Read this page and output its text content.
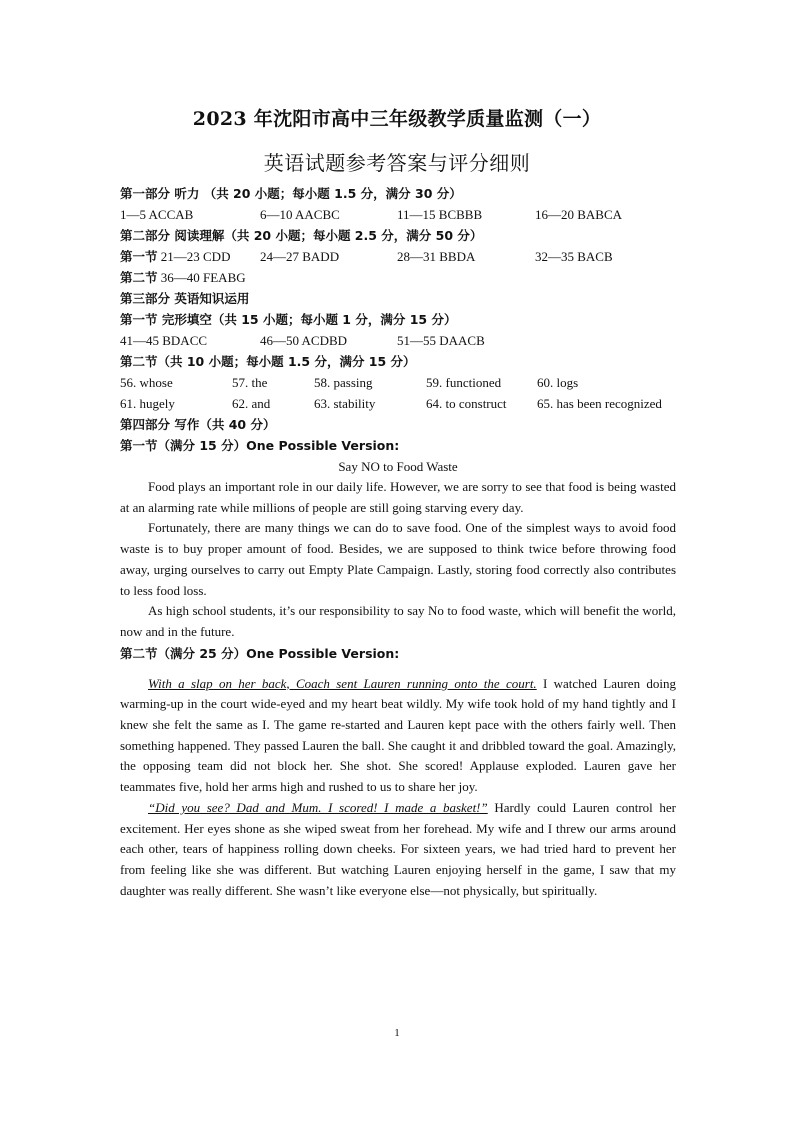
2023 年沈阳市高中三年级教学质量监测（一）
英语试题参考答案与评分细则
第一部分 听力 （共 20 小题；每小题 1.5 分，满分 30 分）
1—5 ACCAB	6—10 AACBC	11—15 BCBBB	16—20 BABCA
第二部分 阅读理解（共 20 小题；每小题 2.5 分，满分 50 分）
第一节 21—23 CDD	24—27 BADD	28—31 BBDA	32—35 BACB
第二节 36—40 FEABG
第三部分 英语知识运用
第一节 完形填空（共 15 小题；每小题 1 分，满分 15 分）
41—45 BDACC	46—50 ACDBD	51—55 DAACB
第二节（共 10 小题；每小题 1.5 分，满分 15 分）
56. whose	57. the	58. passing	59. functioned	60. logs
61. hugely	62. and	63. stability	64. to construct	65. has been recognized
第四部分 写作（共 40 分）
第一节（满分 15 分）One Possible Version:
Say NO to Food Waste

Food plays an important role in our daily life. However, we are sorry to see that food is being wasted at an alarming rate while millions of people are still going starving every day.

Fortunately, there are many things we can do to save food. One of the simplest ways to avoid food waste is to buy proper amount of food. Besides, we are supposed to think twice before throwing food away, urging ourselves to carry out Empty Plate Campaign. Lastly, storing food correctly also contributes to less food loss.

As high school students, it’s our responsibility to say No to food waste, which will benefit the world, now and in the future.

第二节（满分 25 分）One Possible Version:

With a slap on her back, Coach sent Lauren running onto the court. I watched Lauren doing warming-up in the court wide-eyed and my heart beat wildly. My wife took hold of my hand tightly and I knew she felt the same as I. The game re-started and Lauren kept pace with the others fairly well. Then something happened. They passed Lauren the ball. She caught it and dribbled toward the goal. Amazingly, the opposing team did not block her. She shot. She scored! Applause exploded. Lauren gave her teammates five, hold her arms high and rushed to us to share her joy.

“Did you see? Dad and Mum. I scored! I made a basket!” Hardly could Lauren control her excitement. Her eyes shone as she wiped sweat from her forehead. My wife and I threw our arms around each other, tears of happiness rolling down cheeks. For sixteen years, we had tried hard to prevent her from feeling like she was different. But watching Lauren enjoying herself in the game, I saw that my daughter was really different. She wasn’t like everyone else—not physically, but spiritually.

1
